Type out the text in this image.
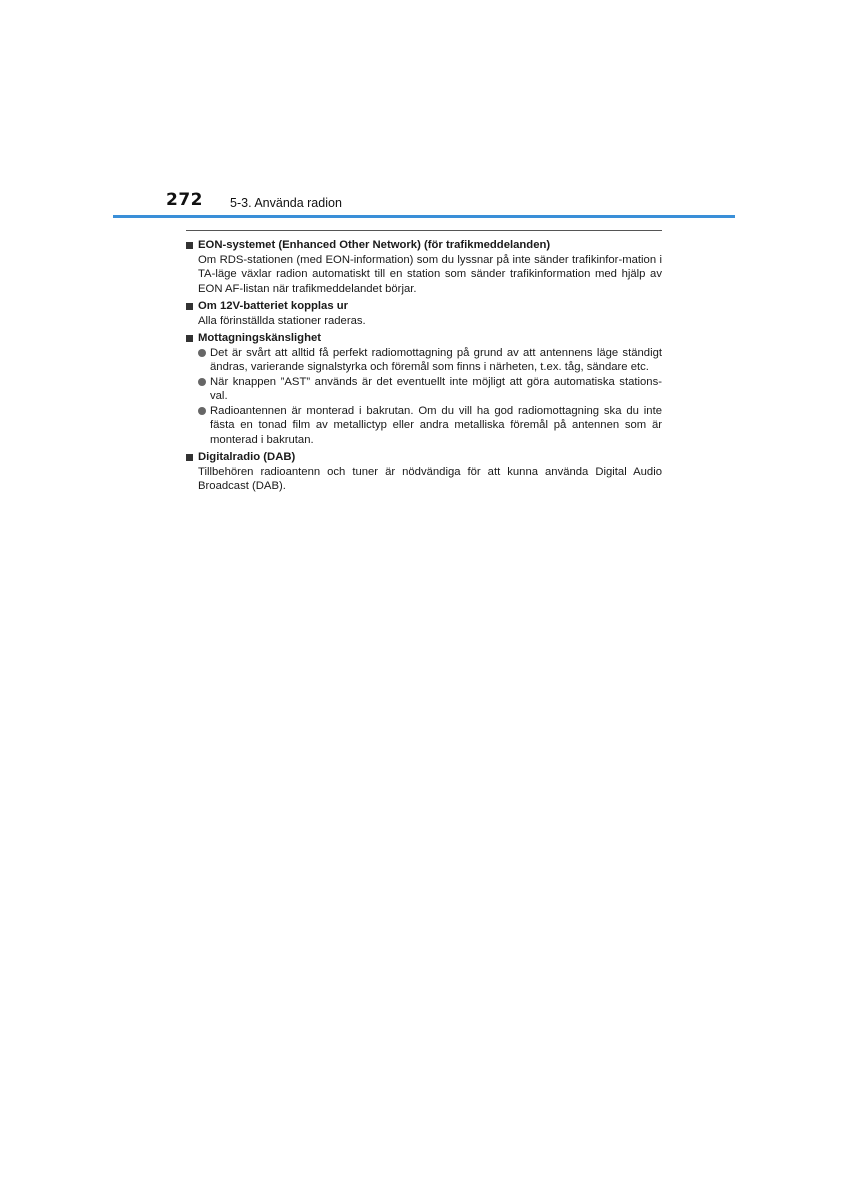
272 5-3. Använda radion
EON-systemet (Enhanced Other Network) (för trafikmeddelanden)
Om RDS-stationen (med EON-information) som du lyssnar på inte sänder trafikinfor-mation i TA-läge växlar radion automatiskt till en station som sänder trafikinformation med hjälp av EON AF-listan när trafikmeddelandet börjar.
Om 12V-batteriet kopplas ur
Alla förinställda stationer raderas.
Mottagningskänslighet
Det är svårt att alltid få perfekt radiomottagning på grund av att antennens läge ständigt ändras, varierande signalstyrka och föremål som finns i närheten, t.ex. tåg, sändare etc.
När knappen ”AST” används är det eventuellt inte möjligt att göra automatiska stations-val.
Radioantennen är monterad i bakrutan. Om du vill ha god radiomottagning ska du inte fästa en tonad film av metallictyp eller andra metalliska föremål på antennen som är monterad i bakrutan.
Digitalradio (DAB)
Tillbehören radioantenn och tuner är nödvändiga för att kunna använda Digital Audio Broadcast (DAB).
